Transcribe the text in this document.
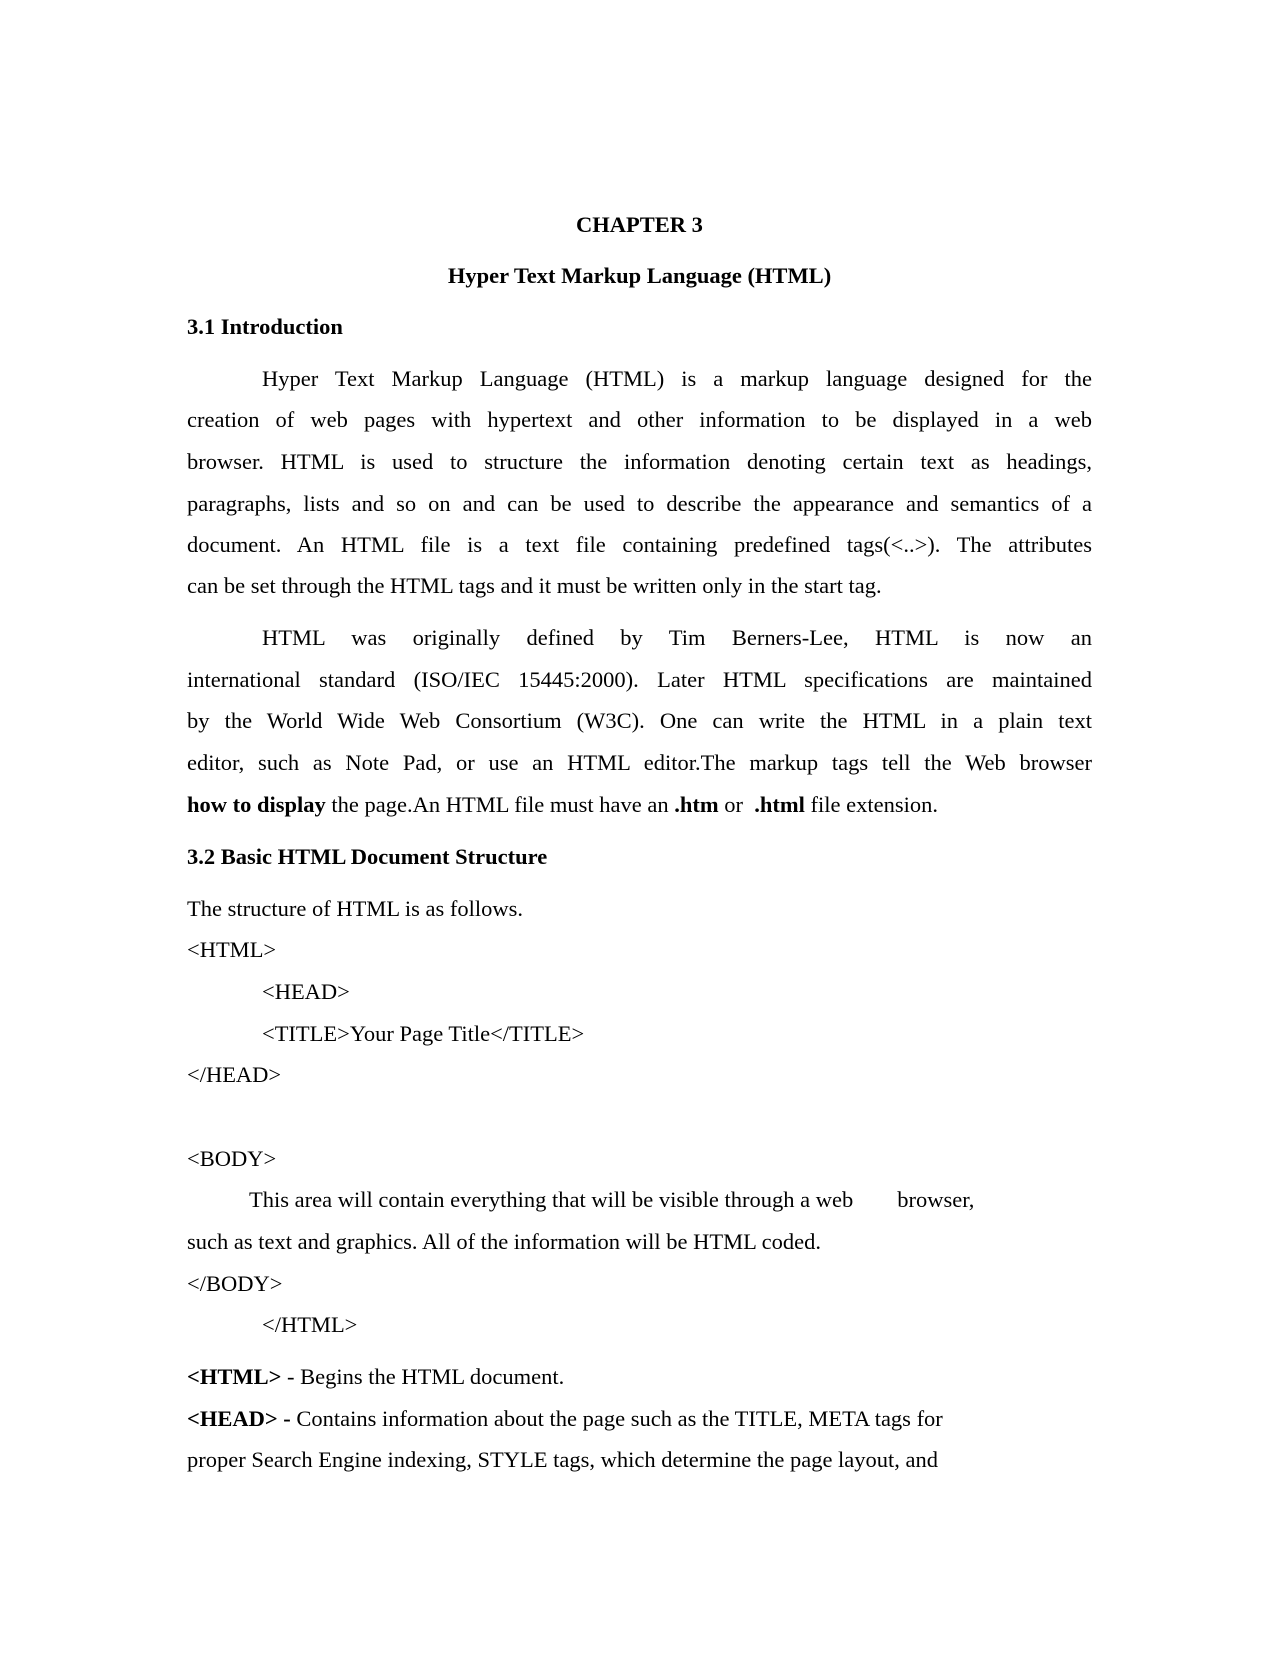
CHAPTER 3
Hyper Text Markup Language (HTML)
3.1 Introduction
Hyper Text Markup Language (HTML) is a markup language designed for the
creation of web pages with hypertext and other information to be displayed in a web
browser. HTML is used to structure the information denoting certain text as headings,
paragraphs, lists and so on and can be used to describe the appearance and semantics of a
document. An HTML file is a text file containing predefined tags(<..>). The attributes
can be set through the HTML tags and it must be written only in the start tag.
HTML was originally defined by Tim Berners-Lee, HTML is now an
international standard (ISO/IEC 15445:2000). Later HTML specifications are maintained
by the World Wide Web Consortium (W3C). One can write the HTML in a plain text
editor, such as Note Pad, or use an HTML editor.The markup tags tell the Web browser
how to display the page.An HTML file must have an .htm or  .html file extension.
3.2 Basic HTML Document Structure
The structure of HTML is as follows.
<HTML>
<HEAD>
<TITLE>Your Page Title</TITLE>
</HEAD>
<BODY>
This area will contain everything that will be visible through a web browser,
such as text and graphics. All of the information will be HTML coded.
</BODY>
</HTML>
<HTML> - Begins the HTML document.
<HEAD> - Contains information about the page such as the TITLE, META tags for
proper Search Engine indexing, STYLE tags, which determine the page layout, and
